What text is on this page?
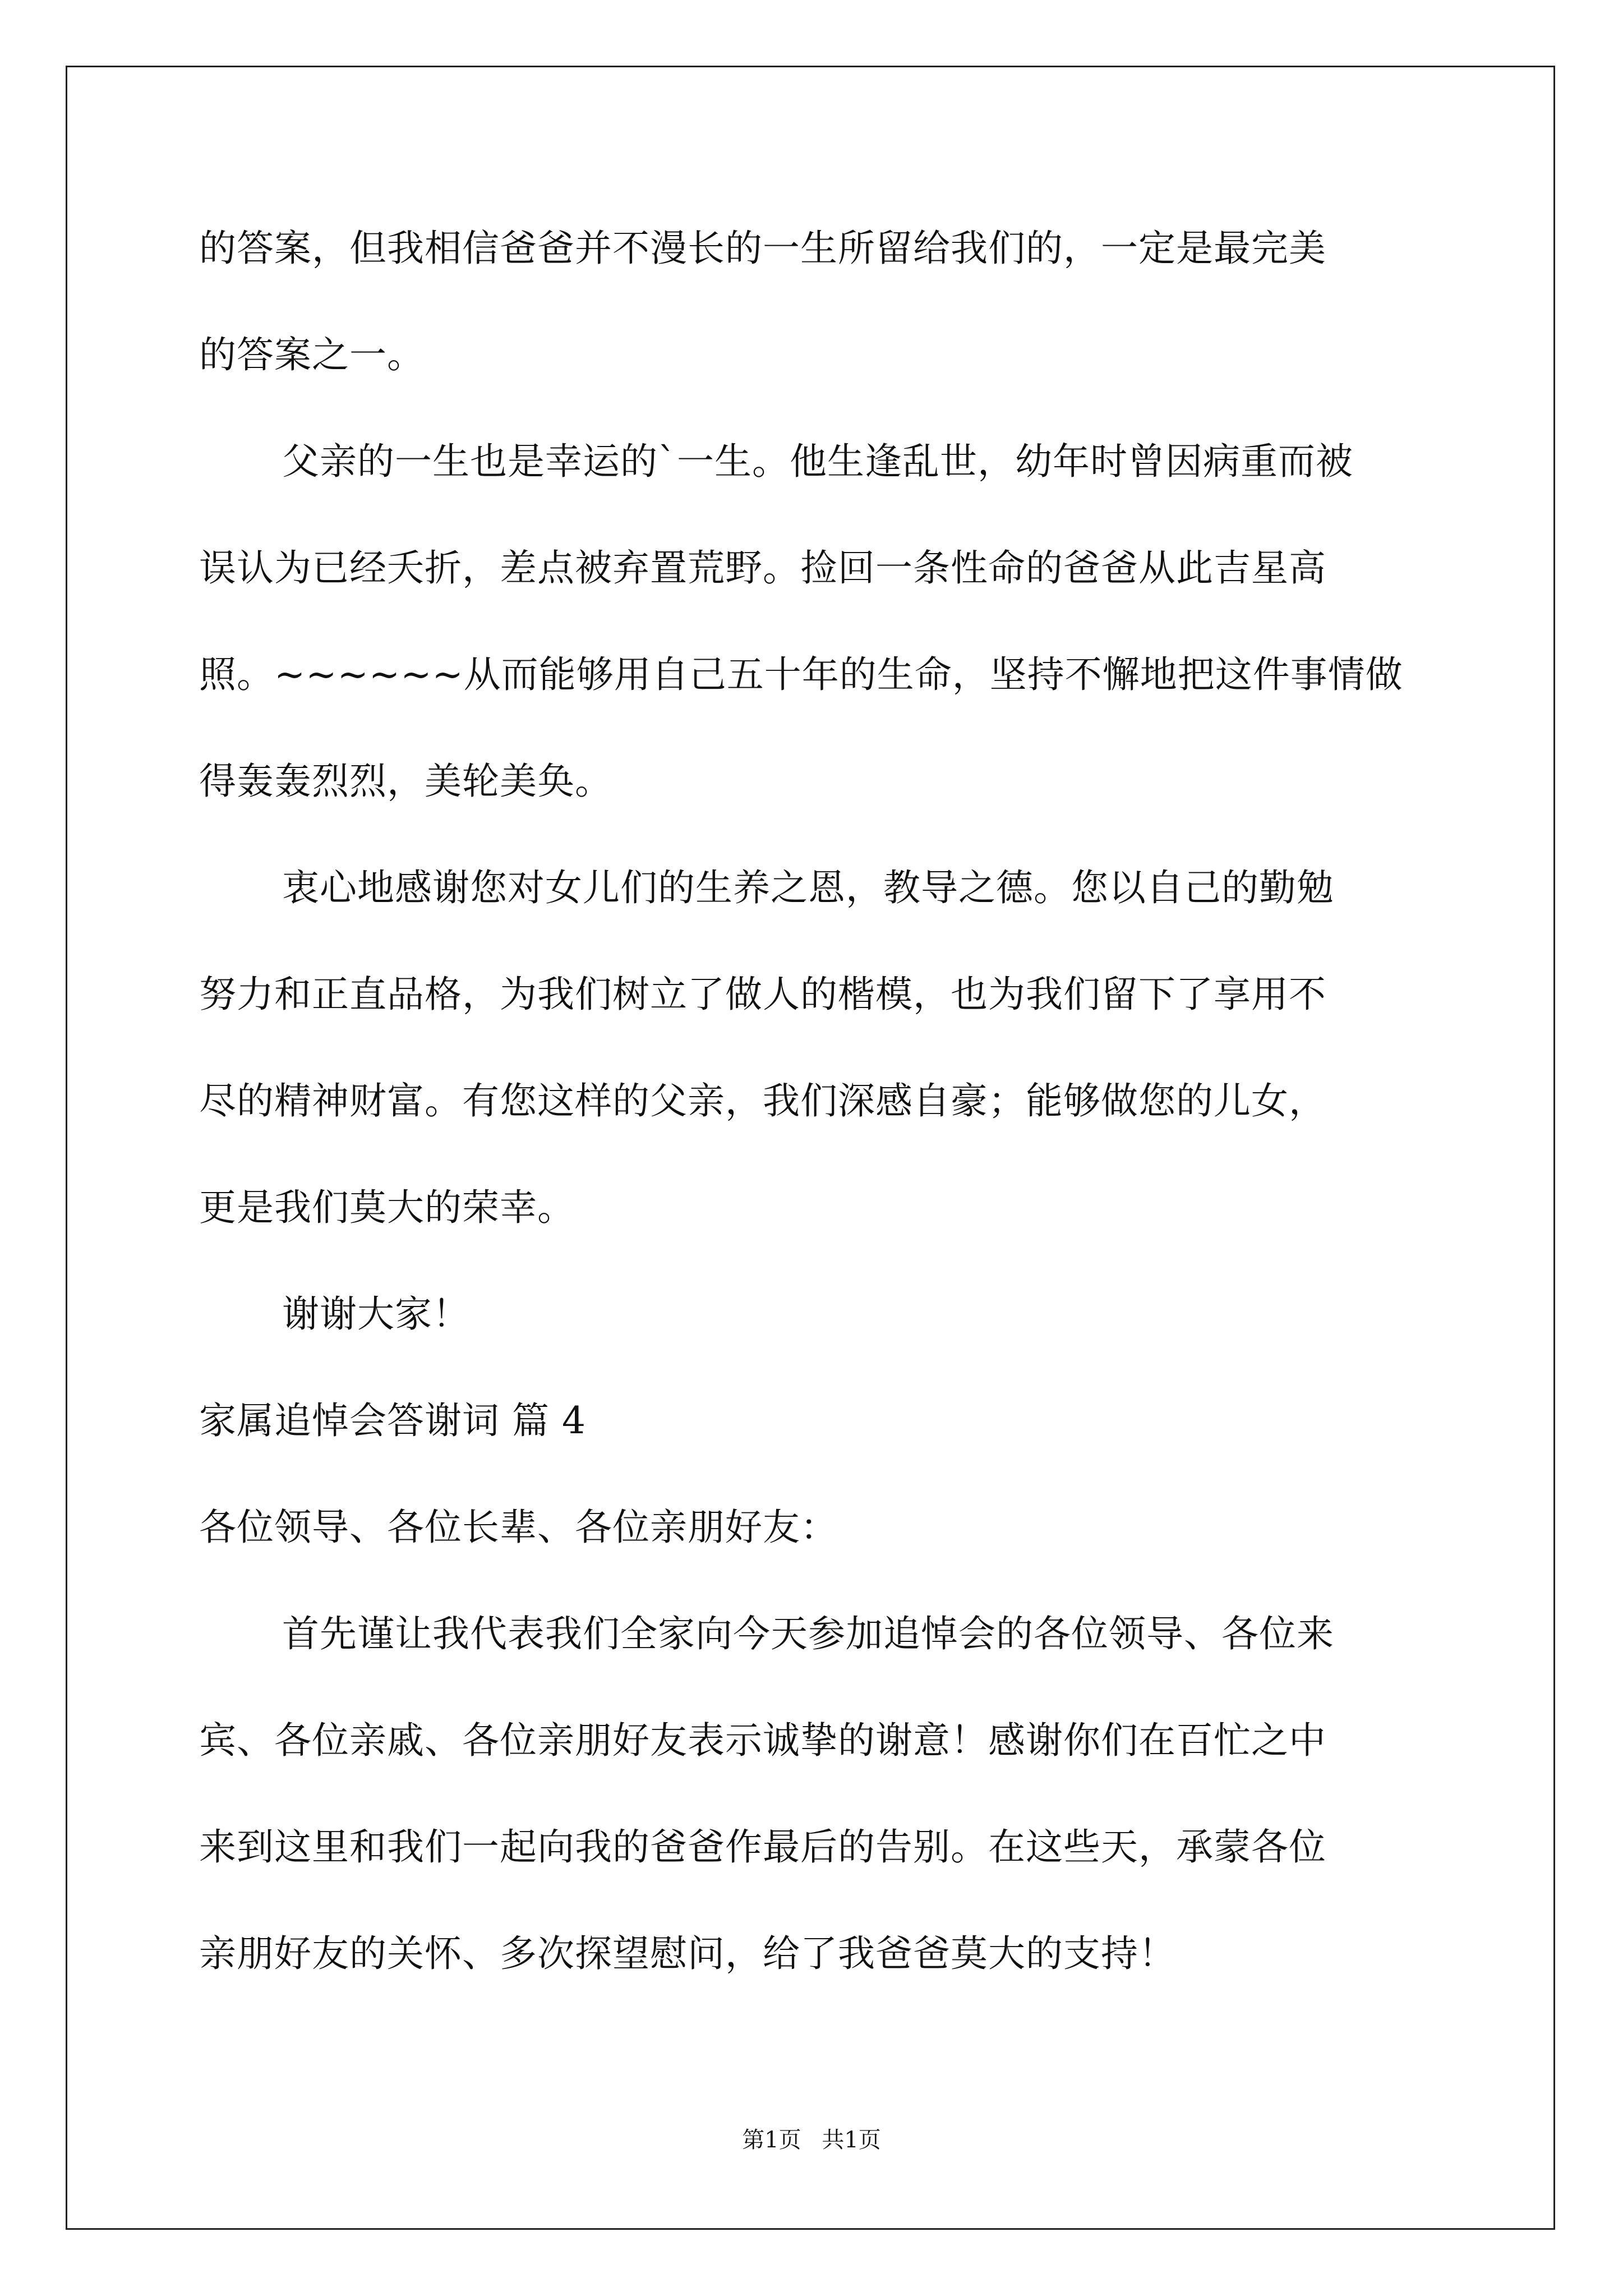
的答案，但我相信爸爸并不漫长的一生所留给我们的，一定是最完美
的答案之一。
父亲的一生也是幸运的`一生。他生逢乱世，幼年时曾因病重而被
误认为已经夭折，差点被弃置荒野。捡回一条性命的爸爸从此吉星高
照。~~~~~~从而能够用自己五十年的生命，坚持不懈地把这件事情做
得轰轰烈烈，美轮美奂。
衷心地感谢您对女儿们的生养之恩，教导之德。您以自己的勤勉
努力和正直品格，为我们树立了做人的楷模，也为我们留下了享用不
尽的精神财富。有您这样的父亲，我们深感自豪；能够做您的儿女，
更是我们莫大的荣幸。
谢谢大家！
家属追悼会答谢词 篇 4
各位领导、各位长辈、各位亲朋好友：
首先谨让我代表我们全家向今天参加追悼会的各位领导、各位来
宾、各位亲戚、各位亲朋好友表示诚挚的谢意！感谢你们在百忙之中
来到这里和我们一起向我的爸爸作最后的告别。在这些天，承蒙各位
亲朋好友的关怀、多次探望慰问，给了我爸爸莫大的支持！
第1页 共1页
